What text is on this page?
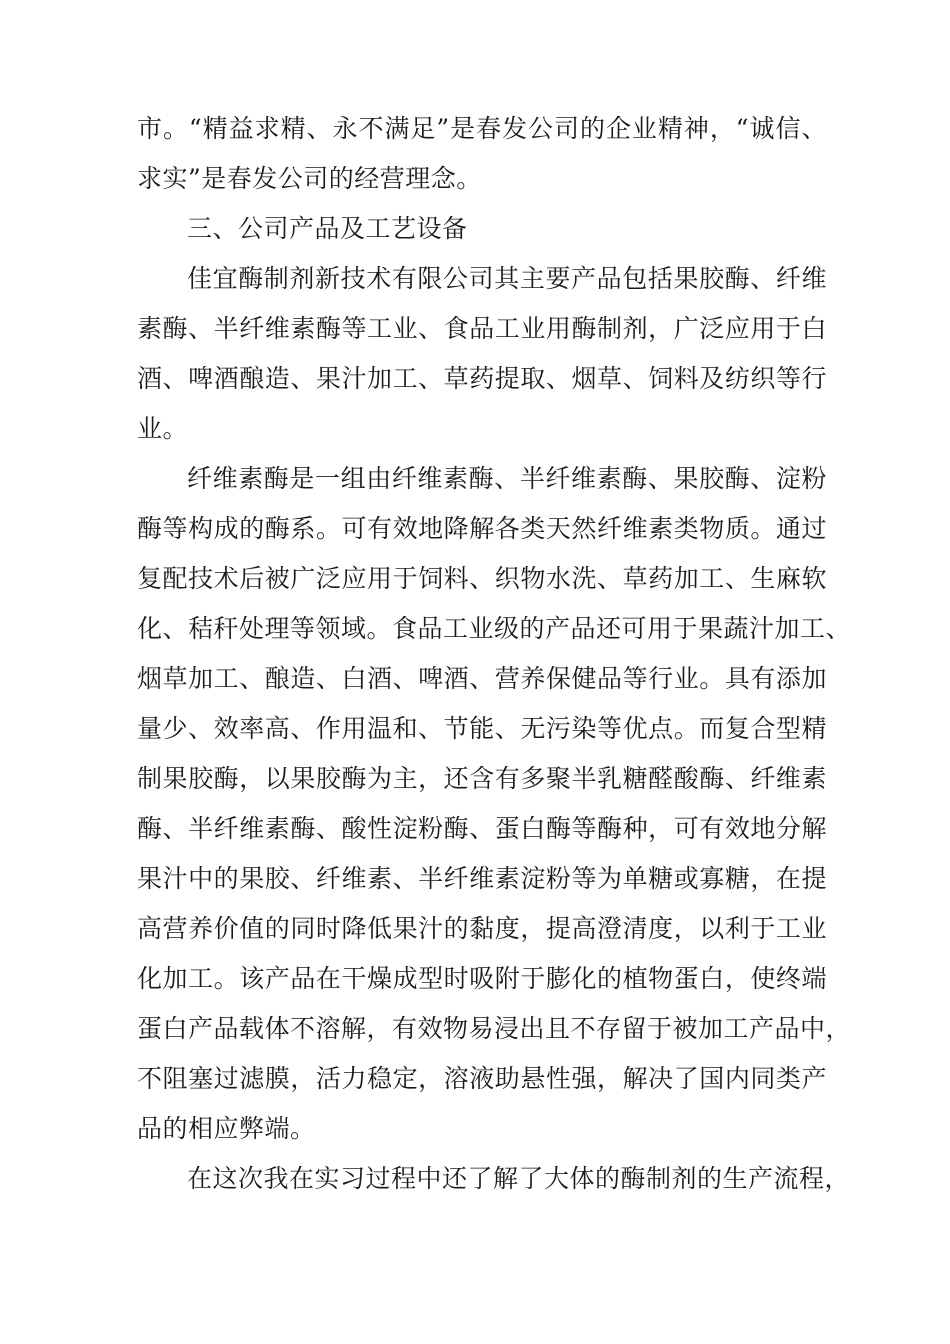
市。“精益求精、永不满足”是春发公司的企业精神，“诚信、
求实”是春发公司的经营理念。
三、公司产品及工艺设备
佳宜酶制剂新技术有限公司其主要产品包括果胶酶、纤维
素酶、半纤维素酶等工业、食品工业用酶制剂，广泛应用于白
酒、啤酒酿造、果汁加工、草药提取、烟草、饲料及纺织等行
业。
纤维素酶是一组由纤维素酶、半纤维素酶、果胶酶、淀粉
酶等构成的酶系。可有效地降解各类天然纤维素类物质。通过
复配技术后被广泛应用于饲料、织物水洗、草药加工、生麻软
化、秸秆处理等领域。食品工业级的产品还可用于果蔬汁加工、
烟草加工、酿造、白酒、啤酒、营养保健品等行业。具有添加
量少、效率高、作用温和、节能、无污染等优点。而复合型精
制果胶酶，以果胶酶为主，还含有多聚半乳糖醛酸酶、纤维素
酶、半纤维素酶、酸性淀粉酶、蛋白酶等酶种，可有效地分解
果汁中的果胶、纤维素、半纤维素淀粉等为单糖或寡糖，在提
高营养价值的同时降低果汁的黏度，提高澄清度，以利于工业
化加工。该产品在干燥成型时吸附于膨化的植物蛋白，使终端
蛋白产品载体不溶解，有效物易浸出且不存留于被加工产品中，
不阻塞过滤膜，活力稳定，溶液助悬性强，解决了国内同类产
品的相应弊端。
在这次我在实习过程中还了解了大体的酶制剂的生产流程，
